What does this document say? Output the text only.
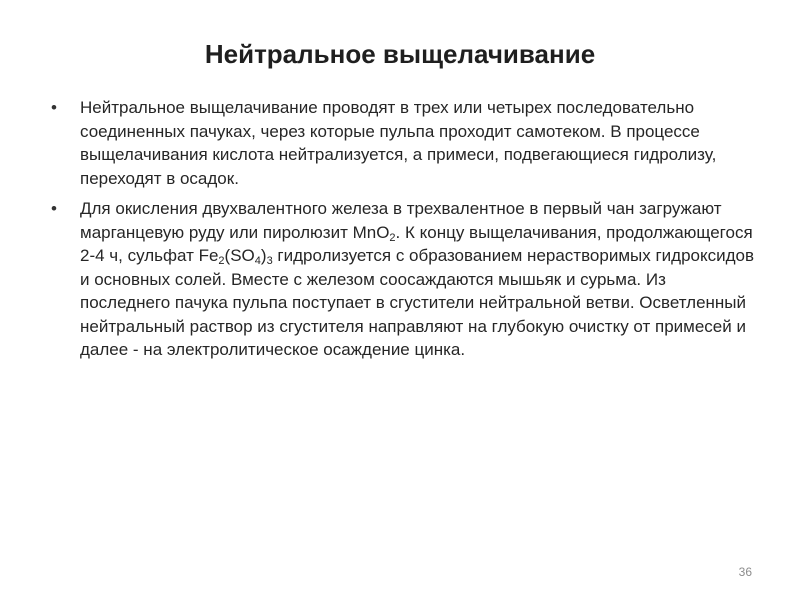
Нейтральное выщелачивание
•	Нейтральное выщелачивание проводят в трех или четырех последовательно соединенных пачуках, через которые пульпа проходит самотеком. В процессе выщелачивания кислота нейтрализуется, а примеси, подвегающиеся гидролизу, переходят в осадок.
•	Для окисления двухвалентного железа в трехвалентное в первый чан загружают марганцевую руду или пиролюзит MnO$_2$. К концу выщелачивания, продолжающегося 2-4 ч, сульфат $Fe_2(SO_4)_3$ гидролизуется с образованием нерастворимых гидроксидов и основных солей. Вместе с железом соосаждаются мышьяк и сурьма. Из последнего пачука пульпа поступает в сгустители нейтральной ветви. Осветленный нейтральный раствор из сгустителя направляют на глубокую очистку от примесей и далее - на электролитическое осаждение цинка.
36
